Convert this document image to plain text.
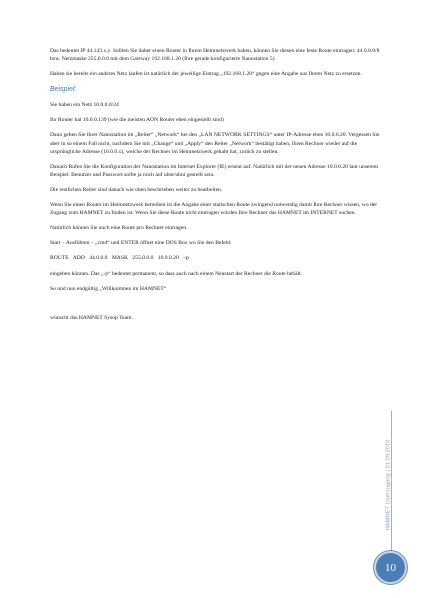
Das bedeutet IP 44.143.x.y. Sollten Sie daher einen Router in Ihrem Heimnetzwerk haben, können Sie diesen eine feste Route eintragen: 44.0.0.0/8 bzw. Netzmaske 255.0.0.0 mit dem Gateway 192.168.1.20 (Ihre gerade konfigurierte Nanostation 5)

Haben sie bereits ein anderes Netz laufen ist natürlich der jeweilige Eintrag „192.168.1.20“ gegen eine Angabe aus Ihrem Netz zu ersetzen.

Beispiel:

Sie haben ein Netz 10.0.0.0/24

Ihr Router hat 10.0.0.139 (wie die meisten AON Router eben eingestellt sind)

Dann geben Sie Ihrer Nanostation im „Reiter“ „Network“ bei den „LAN NETWORK SETTINGS“ unter IP-Adresse eben 10.0.0.20. Vergessen Sie aber in so einem Fall nicht, nachdem Sie mit „Change“ und „Apply“ den Reiter „Network“ bestätigt haben, Ihren Rechner wieder auf die ursprüngliche Adresse (10.0.0.x), welche der Rechner im Heimnetzwerk gehabt hat, zurück zu stellen.

Danach Rufen Sie die Konfiguration der Nanostation im Internet Explorer (IE) erneut auf. Natürlich mit der neuen Adresse 10.0.0.20 laut unserem Beispiel. Benutzer und Passwort sollte ja noch auf ubnt/ubnt gestellt sein.

Die restlichen Reiter sind danach wie oben beschrieben weiter zu bearbeiten.

Wenn Sie einen Router im Heimnetzwerk betreiben ist die Angabe einer statischen Route zwingend notwendig damit Ihre Rechner wissen, wo der Zugang zum HAMNET zu finden ist. Wenn Sie diese Route nicht eintragen würden Ihre Rechner das HAMNET im INTERNET suchen.

Natürlich können Sie auch eine Route pro Rechner eintragen.

Start – Ausführen – „cmd“ und ENTER öffnet eine DOS Box wo Sie den Befehl:

ROUTE ADD 44.0.0.0 MASK 255.0.0.0 10.0.0.20 –p

eingeben können. Das „-p“ bedeutet permanent, so dass auch nach einem Neustart der Rechner die Route behält.

So und nun endgültig „Willkommen im HAMNET“

wünscht das HAMNET Sysop Team.

HAMNET Userzugang | 01.09.2010
10
